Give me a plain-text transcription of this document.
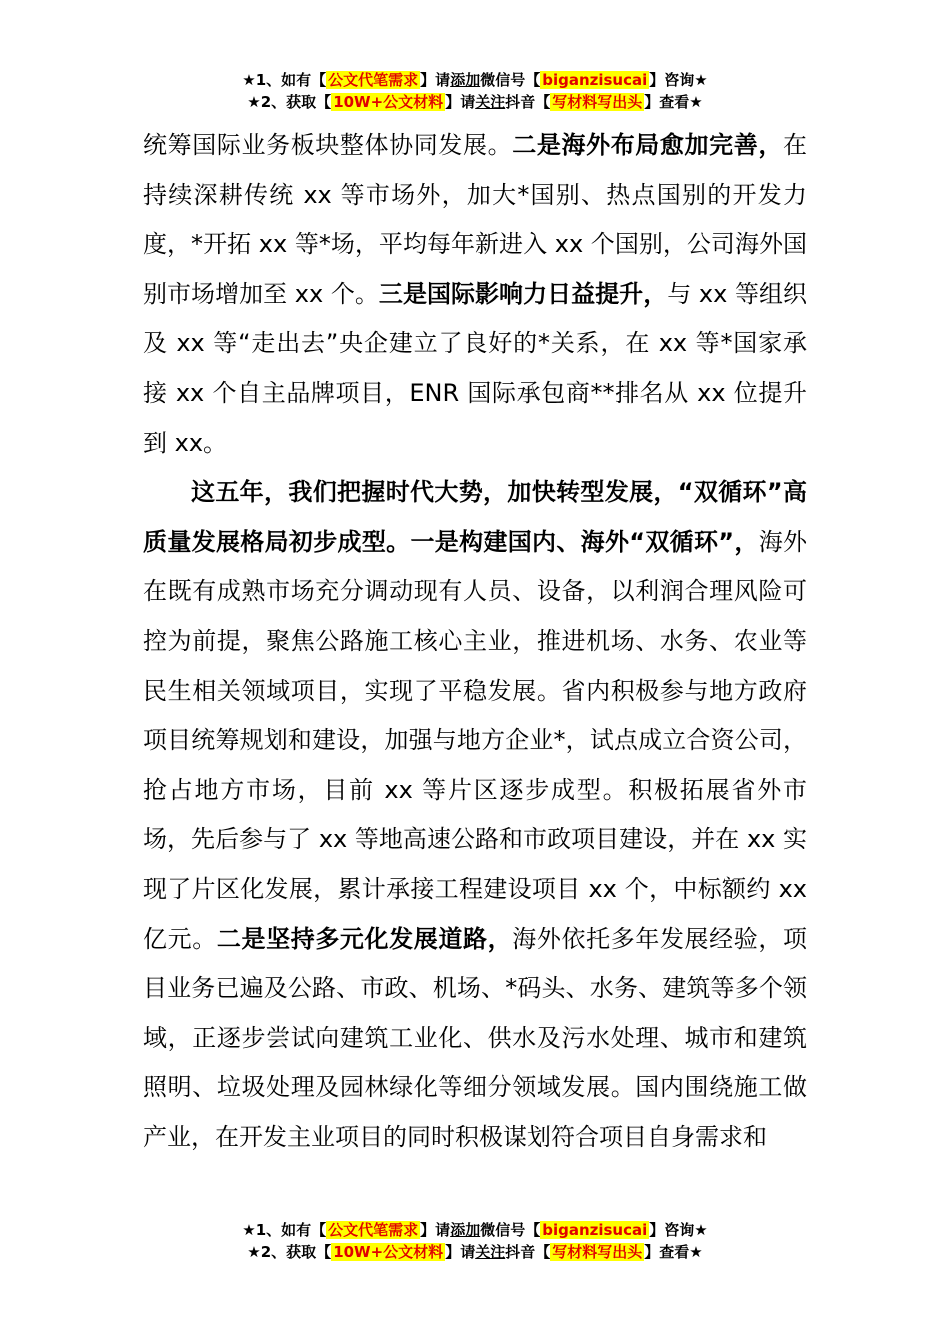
★1、如有【 公文代笔需求 】请添加微信号【 biganzisucai 】咨询★
★2、获取【 10W+公文材料 】请关注抖音【 写材料写出头 】查看★

统筹国际业务板块整体协同发展。二是海外布局愈加完善，在持续深耕传统 xx 等市场外，加大*国别、热点国别的开发力度，*开拓 xx 等*场，平均每年新进入 xx 个国别，公司海外国别市场增加至 xx 个。三是国际影响力日益提升，与 xx 等组织及 xx 等“走出去”央企建立了良好的*关系，在 xx 等*国家承接 xx 个自主品牌项目，ENR 国际承包商**排名从 xx 位提升到 xx。

这五年，我们把握时代大势，加快转型发展，“双循环”高质量发展格局初步成型。一是构建国内、海外“双循环”，海外在既有成熟市场充分调动现有人员、设备，以利润合理风险可控为前提，聚焦公路施工核心主业，推进机场、水务、农业等民生相关领域项目，实现了平稳发展。省内积极参与地方政府项目统筹规划和建设，加强与地方企业*，试点成立合资公司，抢占地方市场，目前 xx 等片区逐步成型。积极拓展省外市场，先后参与了 xx 等地高速公路和市政项目建设，并在 xx 实现了片区化发展，累计承接工程建设项目 xx 个，中标额约 xx 亿元。二是坚持多元化发展道路，海外依托多年发展经验，项目业务已遍及公路、市政、机场、*码头、水务、建筑等多个领域，正逐步尝试向建筑工业化、供水及污水处理、城市和建筑照明、垃圾处理及园林绿化等细分领域发展。国内围绕施工做产业，在开发主业项目的同时积极谋划符合项目自身需求和

★1、如有【 公文代笔需求 】请添加微信号【 biganzisucai 】咨询★
★2、获取【 10W+公文材料 】请关注抖音【 写材料写出头 】查看★
